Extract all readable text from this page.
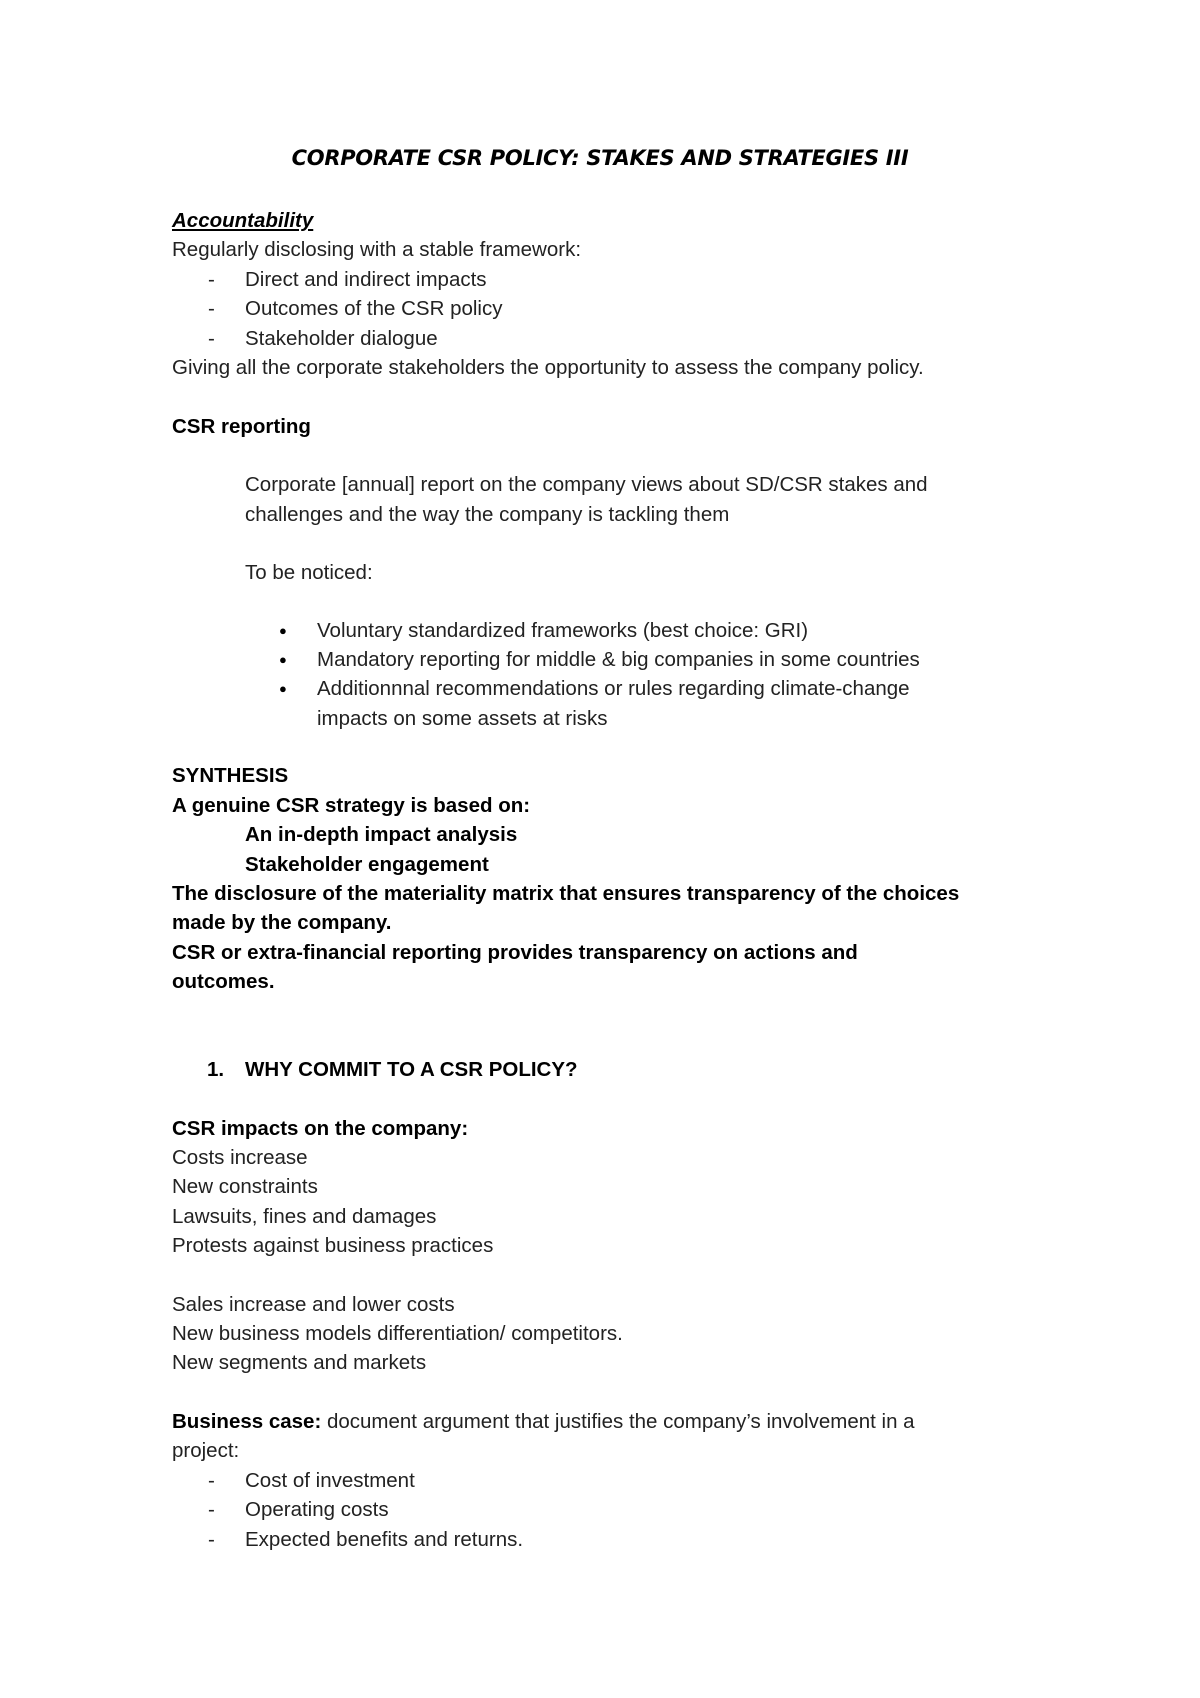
CORPORATE CSR POLICY: STAKES AND STRATEGIES III
Accountability
Regularly disclosing with a stable framework:
- Direct and indirect impacts
- Outcomes of the CSR policy
- Stakeholder dialogue
Giving all the corporate stakeholders the opportunity to assess the company policy.
CSR reporting
Corporate [annual] report on the company views about SD/CSR stakes and
challenges and the way the company is tackling them
To be noticed:
● Voluntary standardized frameworks (best choice: GRI)
● Mandatory reporting for middle & big companies in some countries
● Additionnnal recommendations or rules regarding climate-change
impacts on some assets at risks
SYNTHESIS
A genuine CSR strategy is based on:
An in-depth impact analysis
Stakeholder engagement
The disclosure of the materiality matrix that ensures transparency of the choices
made by the company.
CSR or extra-financial reporting provides transparency on actions and
outcomes.
1. WHY COMMIT TO A CSR POLICY?
CSR impacts on the company:
Costs increase
New constraints
Lawsuits, fines and damages
Protests against business practices
Sales increase and lower costs
New business models differentiation/ competitors.
New segments and markets
Business case: document argument that justifies the company’s involvement in a
project:
- Cost of investment
- Operating costs
- Expected benefits and returns.
